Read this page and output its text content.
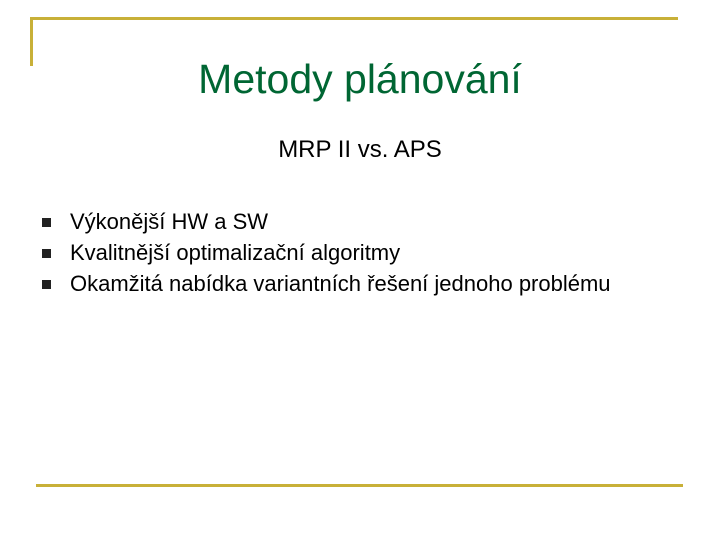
Metody plánování
MRP II vs. APS
Výkonější HW a SW
Kvalitnější optimalizační algoritmy
Okamžitá nabídka variantních řešení jednoho problému
